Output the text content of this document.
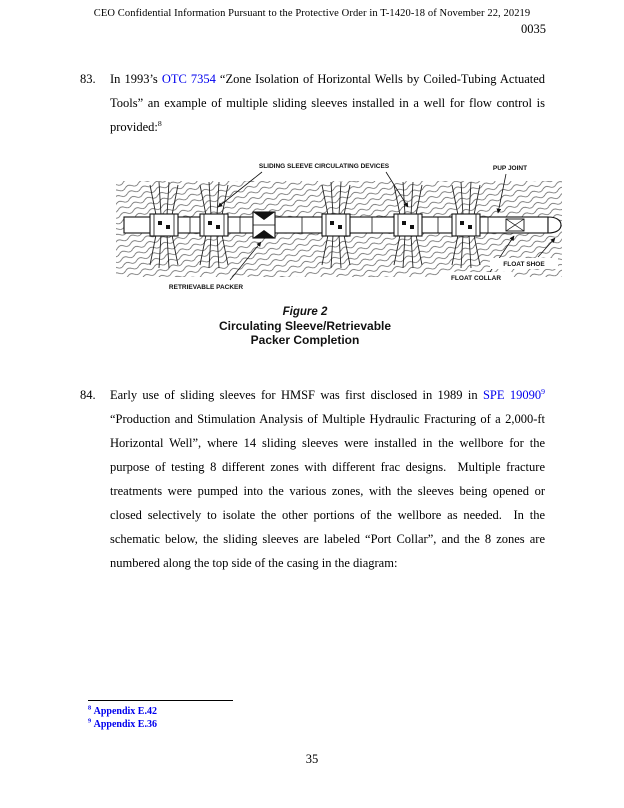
CEO Confidential Information Pursuant to the Protective Order in T-1420-18 of November 22, 20219
0035
83.	In 1993’s OTC 7354 “Zone Isolation of Horizontal Wells by Coiled-Tubing Actuated Tools” an example of multiple sliding sleeves installed in a well for flow control is provided:$^8$
SLIDING SLEEVE CIRCULATING DEVICES	PUP JOINT
FLOAT SHOE
FLOAT COLLAR
RETRIEVABLE PACKER
Figure 2
Circulating Sleeve/Retrievable
Packer Completion
84.	Early use of sliding sleeves for HMSF was first disclosed in 1989 in SPE 19090$^9$ “Production and Stimulation Analysis of Multiple Hydraulic Fracturing of a 2,000-ft Horizontal Well”, where 14 sliding sleeves were installed in the wellbore for the purpose of testing 8 different zones with different frac designs.  Multiple fracture treatments were pumped into the various zones, with the sleeves being opened or closed selectively to isolate the other portions of the wellbore as needed.  In the schematic below, the sliding sleeves are labeled “Port Collar”, and the 8 zones are numbered along the top side of the casing in the diagram:
$^8$ Appendix E.42
$^9$ Appendix E.36
35
